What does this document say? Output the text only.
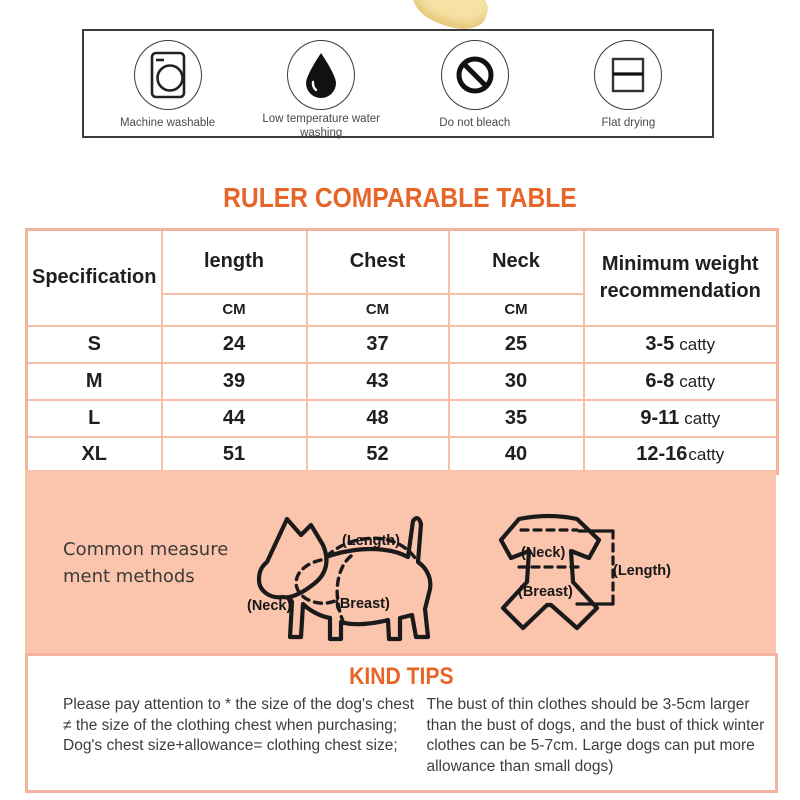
Machine washable	Low temperature water washing
Do not bleach	Flat drying
RULER COMPARABLE TABLE
Specification	length	Chest	Neck	Minimum weight recommendation

	CM	CM	CM	
S	24	37	25	3-5 catty
M	39	43	30	6-8 catty
L	44	48	35	9-11 catty
XL	51	52	40	12-16catty
Common measure
ment methods
(Length)
(Neck)	(Breast)
(Neck)
(Breast)
(Length)
KIND TIPS
Please pay attention to * the size of the dog's chest ≠ the size of the clothing chest when purchasing; Dog's chest size+allowance= clothing chest size;
The bust of thin clothes should be 3-5cm larger than the bust of dogs, and the bust of thick winter clothes can be 5-7cm. Large dogs can put more allowance than small dogs)
